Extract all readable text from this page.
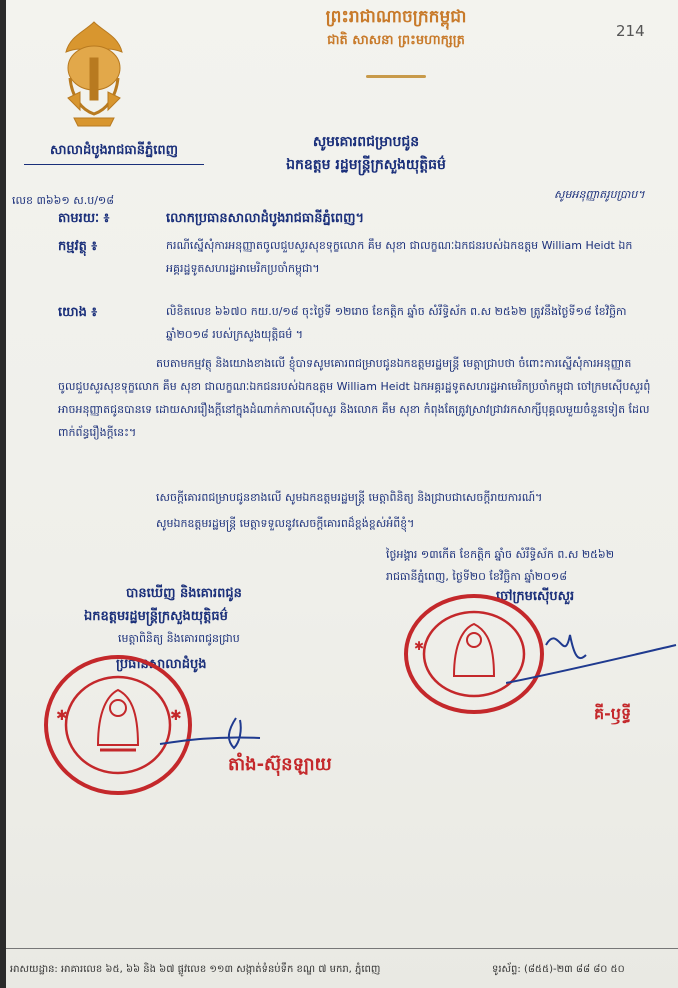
214
ព្រះរាជាណាចក្រកម្ពុជា
ជាតិ សាសនា ព្រះមហាក្សត្រ
សាលាដំបូងរាជធានីភ្នំពេញ
សូមគោរពជម្រាបជូន
ឯកឧត្តម រដ្ឋមន្ត្រីក្រសួងយុត្តិធម៌
លេខ ៣៦៦១ ស.ប/១៨	សូមអនុញ្ញាតរូបប្រាប។
តាមរយៈ ៖	លោកប្រធានសាលាដំបូងរាជធានីភ្នំពេញ។
កម្មវត្ថុ ៖	ករណីស្នើសុំការអនុញ្ញាតចូលជួបសួរសុខទុក្ខលោក គឹម សុខា ជាលក្ខណៈឯកជនរបស់ឯកឧត្តម William Heidt ឯកអគ្គរដ្ឋទូតសហរដ្ឋអាមេរិកប្រចាំកម្ពុជា។
យោង ៖	លិខិតលេខ ៦៦៧០ កយ.ប/១៨ ចុះថ្ងៃទី ១២រោច ខែកត្តិក ឆ្នាំច សំរឹទ្ធិស័ក ព.ស ២៥៦២ ត្រូវនឹងថ្ងៃទី១៨ ខែវិច្ឆិកា ឆ្នាំ២០១៨ របស់ក្រសួងយុត្តិធម៌ ។
តបតាមកម្មវត្ថុ និងយោងខាងលើ ខ្ញុំបាទសូមគោរពជម្រាបជូនឯកឧត្តមរដ្ឋមន្ត្រី មេត្តាជ្រាបថា ចំពោះការស្នើសុំការអនុញ្ញាតចូលជួបសួរសុខទុក្ខលោក គឹម សុខា ជាលក្ខណៈឯកជនរបស់ឯកឧត្តម William Heidt ឯកអគ្គរដ្ឋទូតសហរដ្ឋអាមេរិកប្រចាំកម្ពុជា ចៅក្រមស៊ើបសួរពុំអាចអនុញ្ញាតជូនបានទេ ដោយសាររឿងក្តីនៅក្នុងដំណាក់កាលស៊ើបសួរ និងលោក គឹម សុខា កំពុងតែត្រូវស្រាវជ្រាវរកសាក្សីបុគ្គលមួយចំនួនទៀត ដែលពាក់ព័ន្ធរឿងក្តីនេះ។
សេចក្តីគោរពជម្រាបជូនខាងលើ សូមឯកឧត្តមរដ្ឋមន្ត្រី មេត្តាពិនិត្យ និងជ្រាបជាសេចក្តីរាយការណ៍។
សូមឯកឧត្តមរដ្ឋមន្ត្រី មេត្តាទទួលនូវសេចក្តីគោរពដ៏ខ្ពង់ខ្ពស់អំពីខ្ញុំ។
ថ្ងៃអង្គារ ១៣កើត ខែកត្តិក ឆ្នាំច សំរឹទ្ធិស័ក ព.ស ២៥៦២
រាជធានីភ្នំពេញ, ថ្ងៃទី២០ ខែវិច្ឆិកា ឆ្នាំ២០១៨
បានឃើញ និងគោរពជូន
ឯកឧត្តមរដ្ឋមន្ត្រីក្រសួងយុត្តិធម៌
មេត្តាពិនិត្យ និងគោរពជូនជ្រាប
ប្រធានសាលាដំបូង
ចៅក្រមស៊ើបសួរ
✱	✱
តាំង-ស៊ុនឡាយ
✱
គី-ឫទ្ធី
អាសយដ្ឋាន: អាគារលេខ ៦៥, ៦៦ និង ៦៧ ផ្លូវលេខ ១១៣ សង្កាត់ទំនប់ទឹក ខណ្ឌ ៧ មករា, ភ្នំពេញ	ទូរស័ព្ទ: (៨៥៥)-២៣ ៨៨ ៨០ ៥០
